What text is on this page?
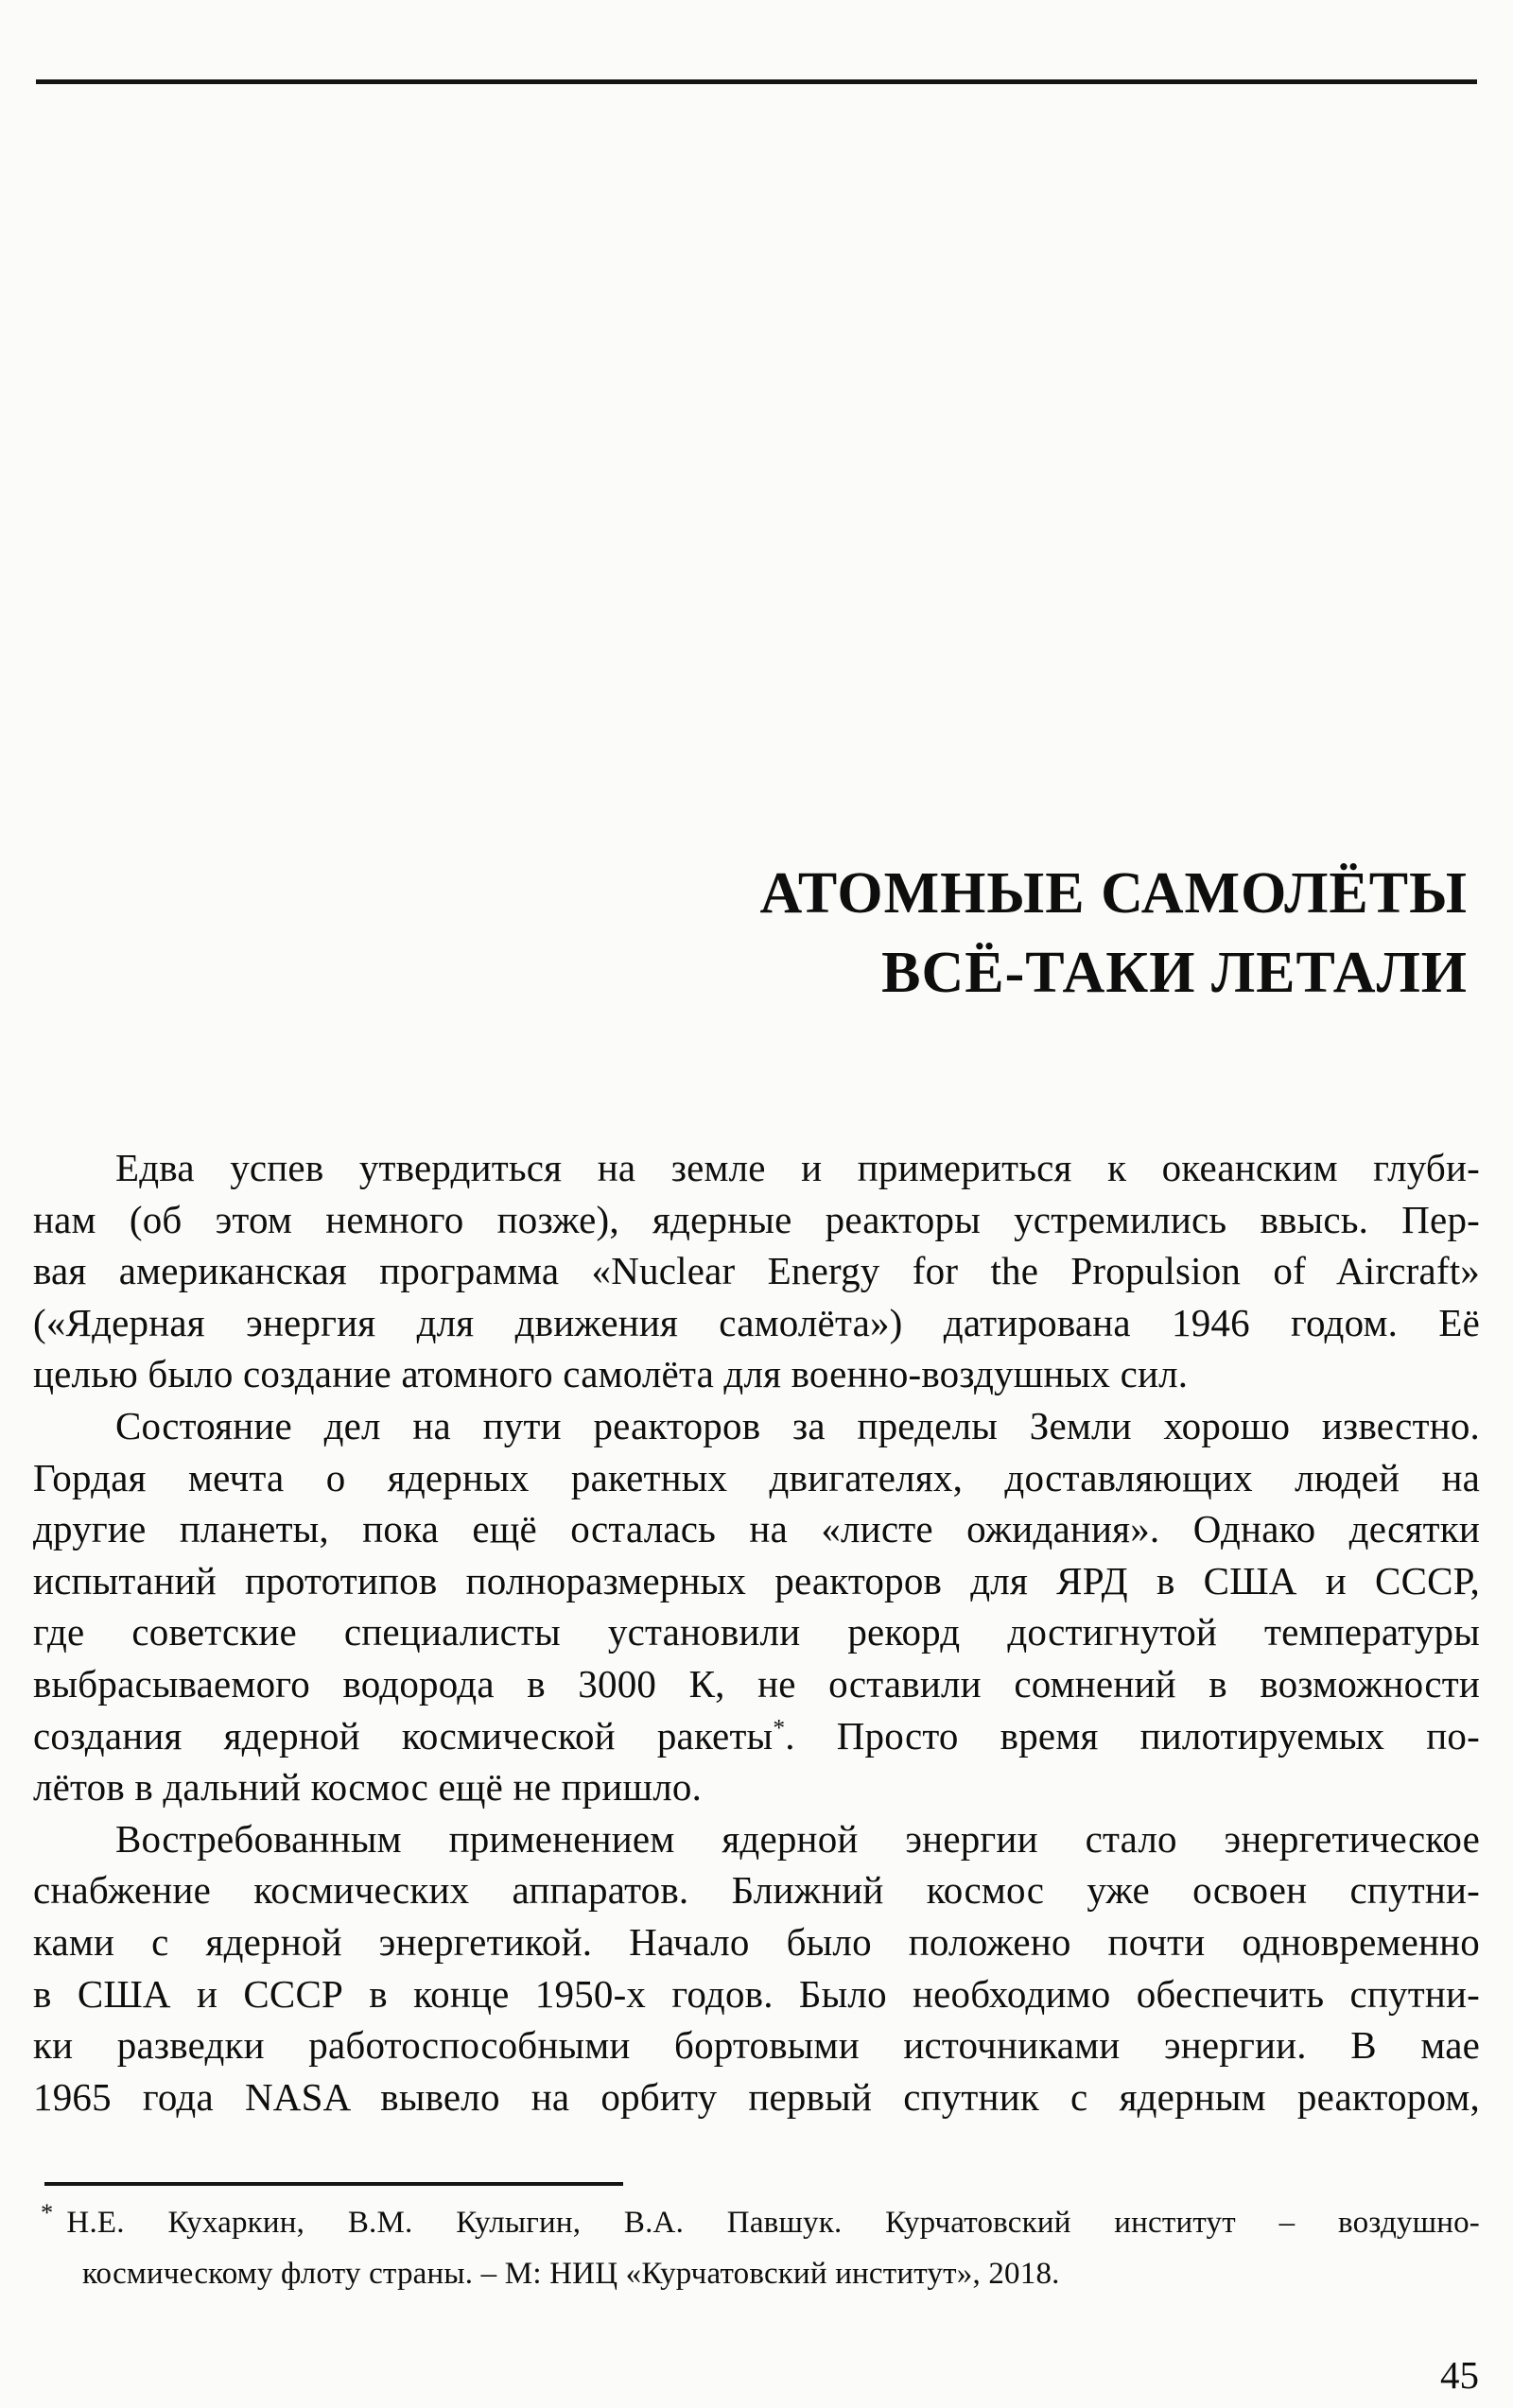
АТОМНЫЕ САМОЛЁТЫ
ВСЁ-ТАКИ ЛЕТАЛИ
Едва успев утвердиться на земле и примериться к океанским глуби-
нам (об этом немного позже), ядерные реакторы устремились ввысь. Пер-
вая американская программа «Nuclear Energy for the Propulsion of Aircraft»
(«Ядерная энергия для движения самолёта») датирована 1946 годом. Её
целью было создание атомного самолёта для военно-воздушных сил.
Состояние дел на пути реакторов за пределы Земли хорошо известно.
Гордая мечта о ядерных ракетных двигателях, доставляющих людей на
другие планеты, пока ещё осталась на «листе ожидания». Однако десятки
испытаний прототипов полноразмерных реакторов для ЯРД в США и СССР,
где советские специалисты установили рекорд достигнутой температуры
выбрасываемого водорода в 3000 К, не оставили сомнений в возможности
создания ядерной космической ракеты*. Просто время пилотируемых по-
лётов в дальний космос ещё не пришло.
Востребованным применением ядерной энергии стало энергетическое
снабжение космических аппаратов. Ближний космос уже освоен спутни-
ками с ядерной энергетикой. Начало было положено почти одновременно
в США и СССР в конце 1950-х годов. Было необходимо обеспечить спутни-
ки разведки работоспособными бортовыми источниками энергии. В мае
1965 года NASA вывело на орбиту первый спутник с ядерным реактором,
* Н.Е. Кухаркин, В.М. Кулыгин, В.А. Павшук. Курчатовский институт – воздушно-
космическому флоту страны. – М: НИЦ «Курчатовский институт», 2018.
45
